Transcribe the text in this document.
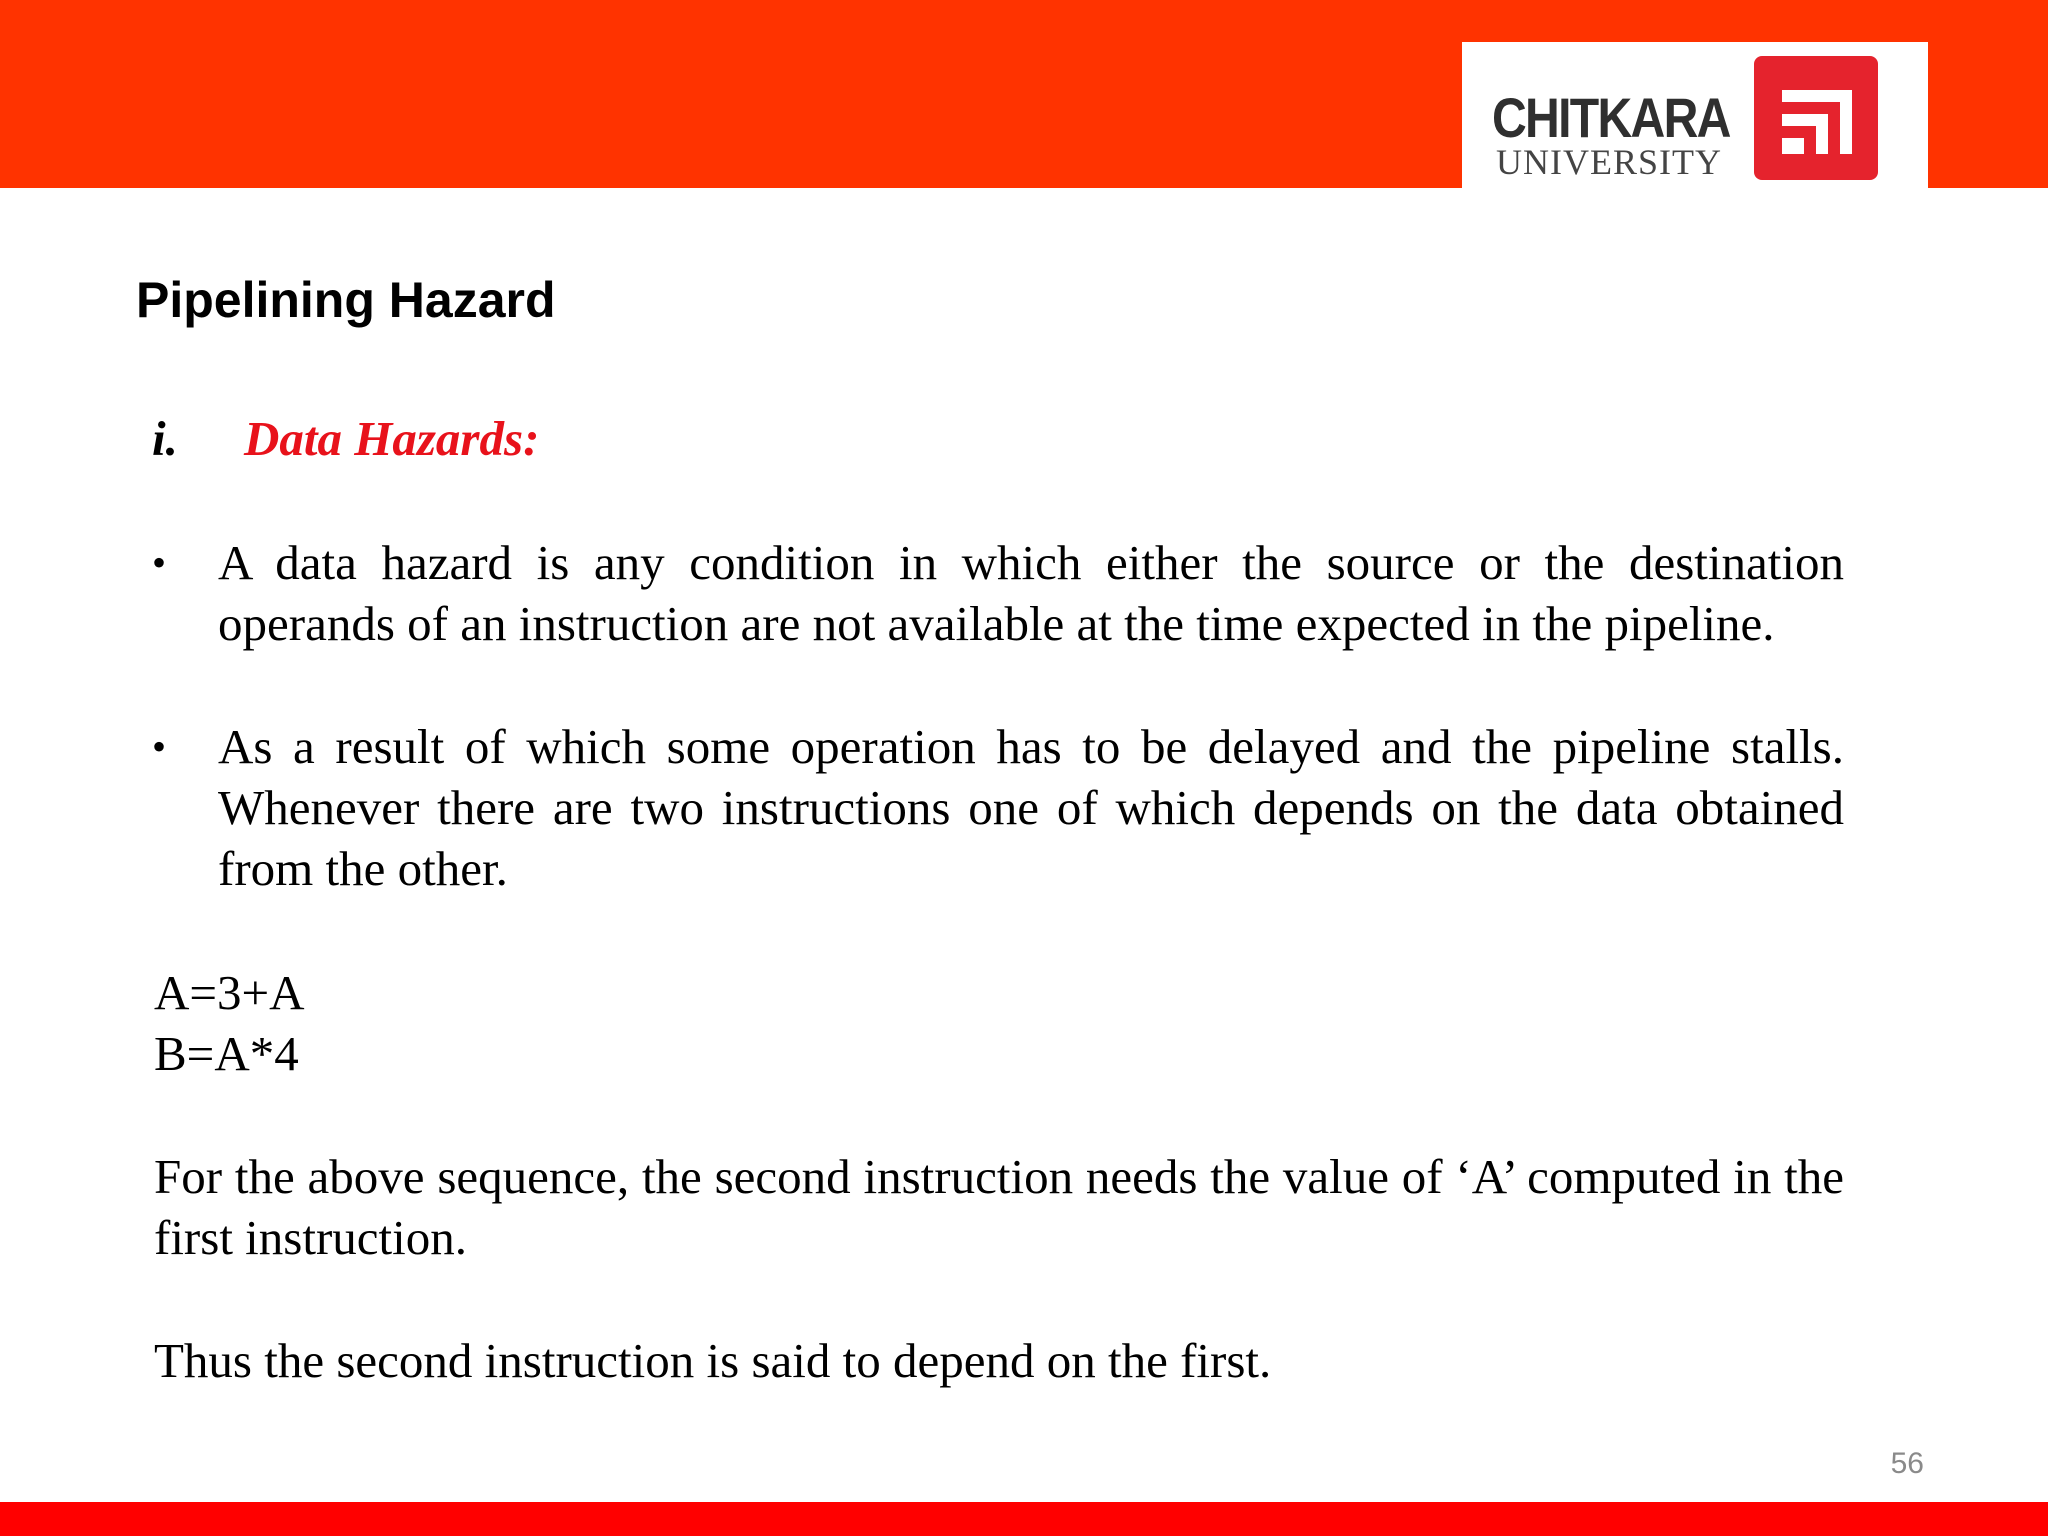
CHITKARA
UNIVERSITY
Pipelining Hazard
i. Data Hazards:
• A data hazard is any condition in which either the source or the destination operands of an instruction are not available at the time expected in the pipeline.
• As a result of which some operation has to be delayed and the pipeline stalls. Whenever there are two instructions one of which depends on the data obtained from the other.
A=3+A
B=A*4
For the above sequence, the second instruction needs the value of ‘A’ computed in the first instruction.
Thus the second instruction is said to depend on the first.
56
